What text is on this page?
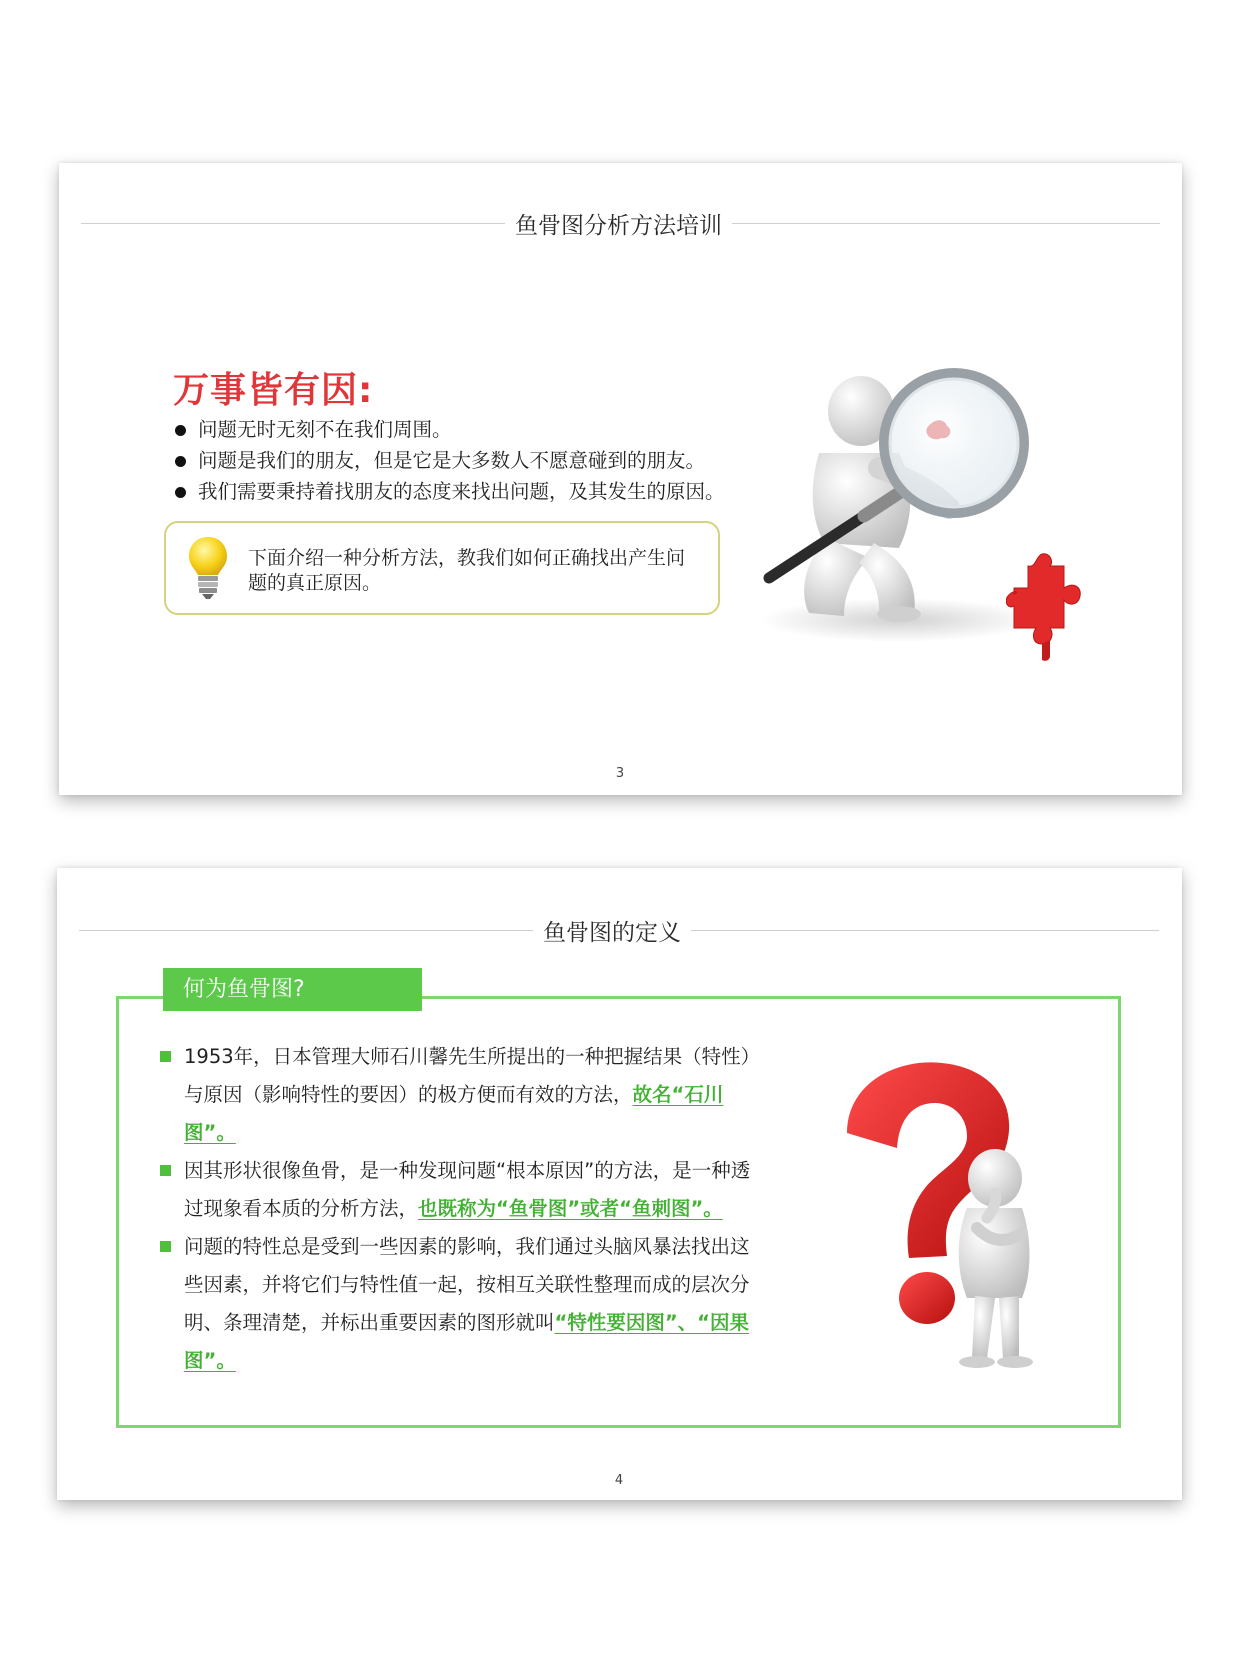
鱼骨图分析方法培训
万事皆有因:
问题无时无刻不在我们周围。
问题是我们的朋友，但是它是大多数人不愿意碰到的朋友。
我们需要秉持着找朋友的态度来找出问题，及其发生的原因。
下面介绍一种分析方法，教我们如何正确找出产生问题的真正原因。
3
鱼骨图的定义
何为鱼骨图?
1953年，日本管理大师石川馨先生所提出的一种把握结果（特性）与原因（影响特性的要因）的极方便而有效的方法，故名“石川图”。
因其形状很像鱼骨，是一种发现问题“根本原因”的方法，是一种透过现象看本质的分析方法，也既称为“鱼骨图”或者“鱼刺图”。
问题的特性总是受到一些因素的影响，我们通过头脑风暴法找出这些因素，并将它们与特性值一起，按相互关联性整理而成的层次分明、条理清楚，并标出重要因素的图形就叫“特性要因图”、“因果图”。
4
